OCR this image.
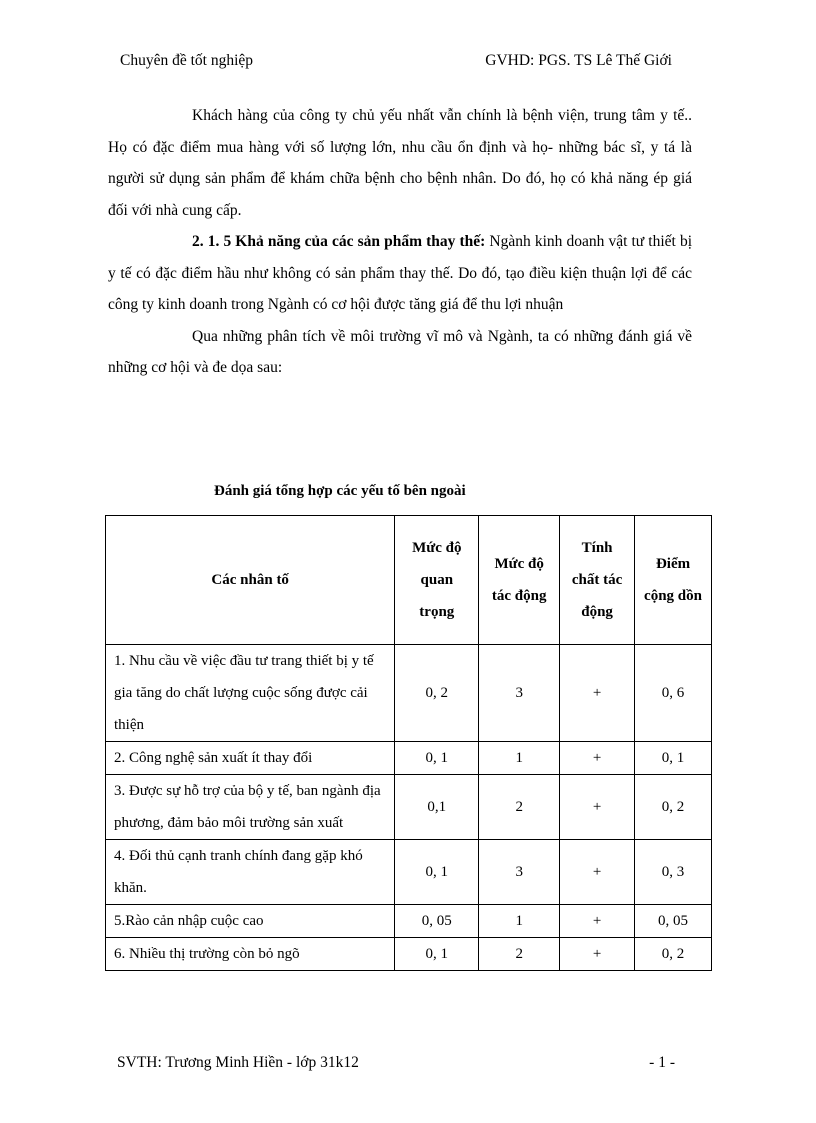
Chuyên đề tốt nghiệp	GVHD: PGS. TS Lê Thế Giới

Khách hàng của công ty chủ yếu nhất vẫn chính là bệnh viện, trung tâm y tế.. Họ có đặc điểm mua hàng với số lượng lớn, nhu cầu ổn định và họ- những bác sĩ, y tá là người sử dụng sản phẩm để khám chữa bệnh cho bệnh nhân. Do đó, họ có khả năng ép giá đối với nhà cung cấp.

2. 1. 5 Khả năng của các sản phẩm thay thế: Ngành kinh doanh vật tư thiết bị y tế có đặc điểm hầu như không có sản phẩm thay thế. Do đó, tạo điều kiện thuận lợi để các công ty kinh doanh trong Ngành có cơ hội được tăng giá để thu lợi nhuận

Qua những phân tích về môi trường vĩ mô và Ngành, ta có những đánh giá về những cơ hội và đe dọa sau:

Đánh giá tổng hợp các yếu tố bên ngoài
Các nhân tố	Mức độ quan trọng	Mức độ tác động	Tính chất tác động	Điểm cộng dồn
1. Nhu cầu về việc đầu tư trang thiết bị y tế gia tăng do chất lượng cuộc sống được cải thiện	0, 2	3	+	0, 6
2. Công nghệ sản xuất ít thay đổi	0, 1	1	+	0, 1
3. Được sự hỗ trợ của bộ y tế, ban ngành địa phương, đảm bảo môi trường sản xuất	0,1	2	+	0, 2
4. Đối thủ cạnh tranh chính đang gặp khó khăn.	0, 1	3	+	0, 3
5.Rào cản nhập cuộc cao	0, 05	1	+	0, 05
6. Nhiều thị trường còn bỏ ngõ	0, 1	2	+	0, 2
SVTH: Trương Minh Hiền - lớp 31k12	- 1 -
